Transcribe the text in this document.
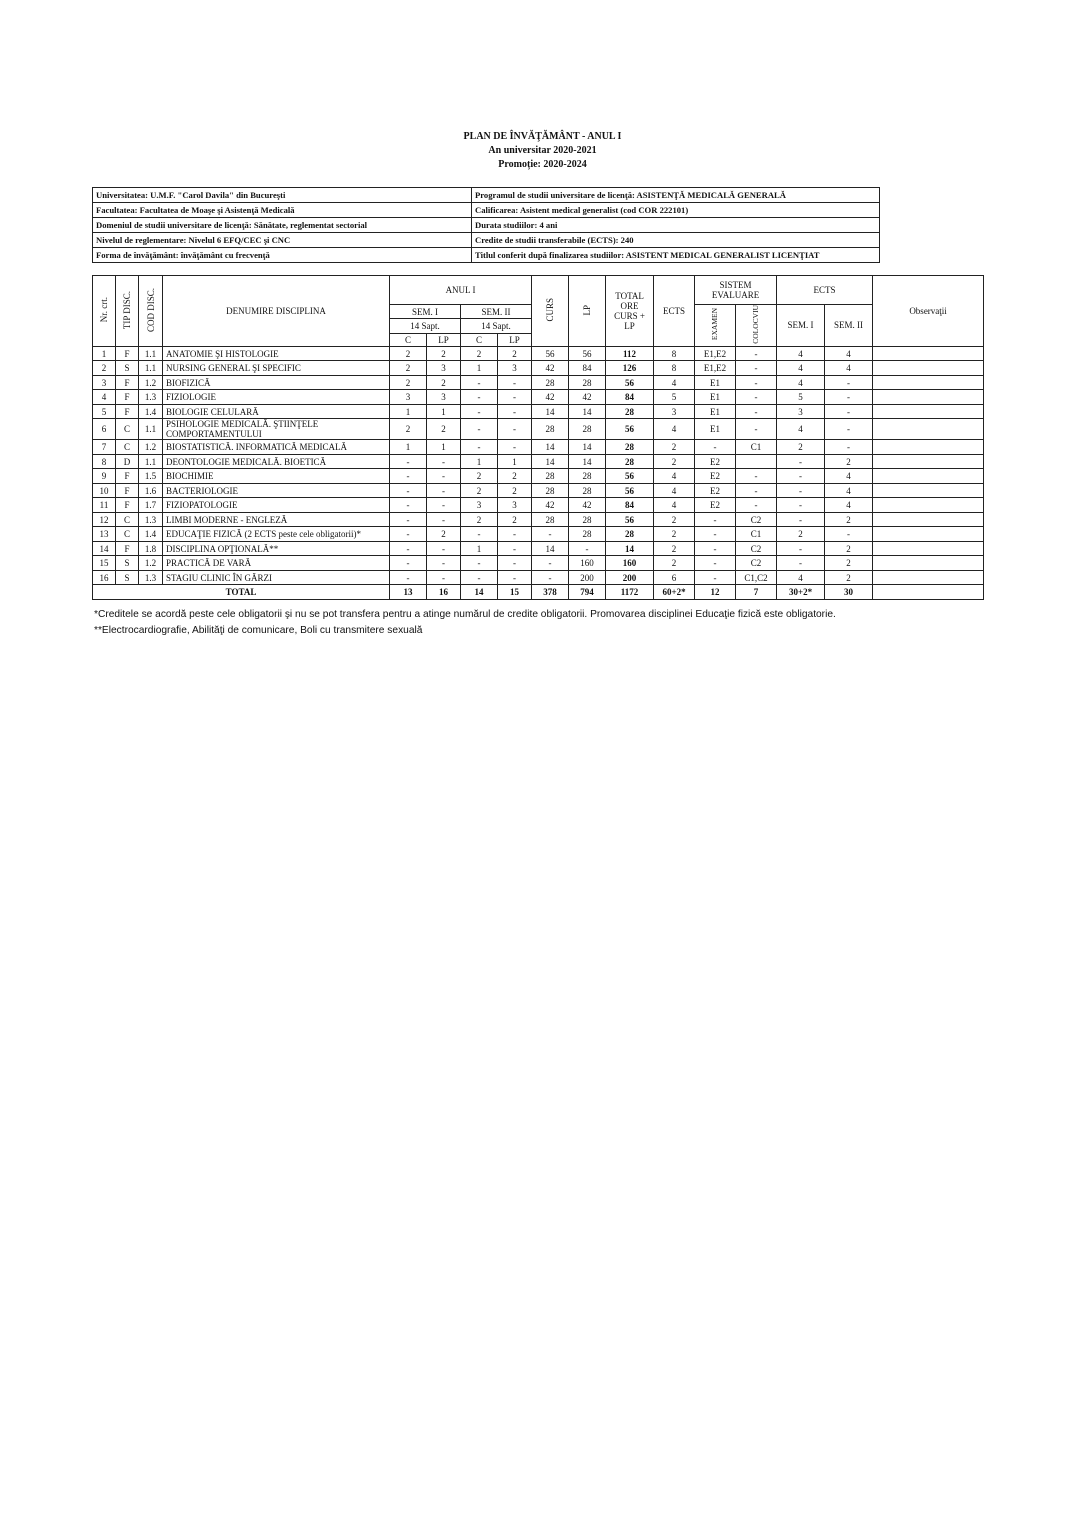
PLAN DE ÎNVĂŢĂMÂNT - ANUL I
An universitar 2020-2021
Promoție: 2020-2024
Universitatea: U.M.F. "Carol Davila" din Bucureşti	Programul de studii universitare de licenţă: ASISTENŢĂ MEDICALĂ GENERALĂ
Facultatea: Facultatea de Moaşe şi Asistenţă Medicală	Calificarea: Asistent medical generalist (cod COR 222101)
Domeniul de studii universitare de licenţă: Sănătate, reglementat sectorial	Durata studiilor: 4 ani
Nivelul de reglementare: Nivelul 6 EFQ/CEC şi CNC	Credite de studii transferabile (ECTS): 240
Forma de învăţământ: învăţământ cu frecvenţă	Titlul conferit după finalizarea studiilor: ASISTENT MEDICAL GENERALIST LICENŢIAT
Nr. crt.	TIP DISC.	COD DISC.	DENUMIRE DISCIPLINA	ANUL I				CURS	LP	TOTAL ORE CURS + LP	ECTS	SISTEM EVALUARE		ECTS		Observaţii
				SEM. I		SEM. II						EXAMEN	COLOCVIU	SEM. I	SEM. II	
				14 Sapt.		14 Sapt.										
				C	LP	C	LP									
1	F	1.1	ANATOMIE ŞI HISTOLOGIE	2	2	2	2	56	56	112	8	E1,E2	-	4	4	
2	S	1.1	NURSING GENERAL ŞI SPECIFIC	2	3	1	3	42	84	126	8	E1,E2	-	4	4	
3	F	1.2	BIOFIZICĂ	2	2	-	-	28	28	56	4	E1	-	4	-	
4	F	1.3	FIZIOLOGIE	3	3	-	-	42	42	84	5	E1	-	5	-	
5	F	1.4	BIOLOGIE CELULARĂ	1	1	-	-	14	14	28	3	E1	-	3	-	
6	C	1.1	PSIHOLOGIE MEDICALĂ. ŞTIINŢELE COMPORTAMENTULUI	2	2	-	-	28	28	56	4	E1	-	4	-	
7	C	1.2	BIOSTATISTICĂ. INFORMATICĂ MEDICALĂ	1	1	-	-	14	14	28	2	-	C1	2	-	
8	D	1.1	DEONTOLOGIE MEDICALĂ. BIOETICĂ	-	-	1	1	14	14	28	2	E2		-	2	
9	F	1.5	BIOCHIMIE	-	-	2	2	28	28	56	4	E2	-	-	4	
10	F	1.6	BACTERIOLOGIE	-	-	2	2	28	28	56	4	E2	-	-	4	
11	F	1.7	FIZIOPATOLOGIE	-	-	3	3	42	42	84	4	E2	-	-	4	
12	C	1.3	LIMBI MODERNE - ENGLEZĂ	-	-	2	2	28	28	56	2	-	C2	-	2	
13	C	1.4	EDUCAŢIE FIZICĂ (2 ECTS peste cele obligatorii)*	-	2	-	-	-	28	28	2	-	C1	2	-	
14	F	1.8	DISCIPLINA OPŢIONALĂ**	-	-	1	-	14	-	14	2	-	C2	-	2	
15	S	1.2	PRACTICĂ DE VARĂ	-	-	-	-	-	160	160	2	-	C2	-	2	
16	S	1.3	STAGIU CLINIC ÎN GĂRZI	-	-	-	-	-	200	200	6	-	C1,C2	4	2	
TOTAL				13	16	14	15	378	794	1172	60+2*	12	7	30+2*	30	
*Creditele se acordă peste cele obligatorii şi nu se pot transfera pentru a atinge numărul de credite obligatorii. Promovarea disciplinei Educaţie fizică este obligatorie.
**Electrocardiografie, Abilităţi de comunicare, Boli cu transmitere sexuală
